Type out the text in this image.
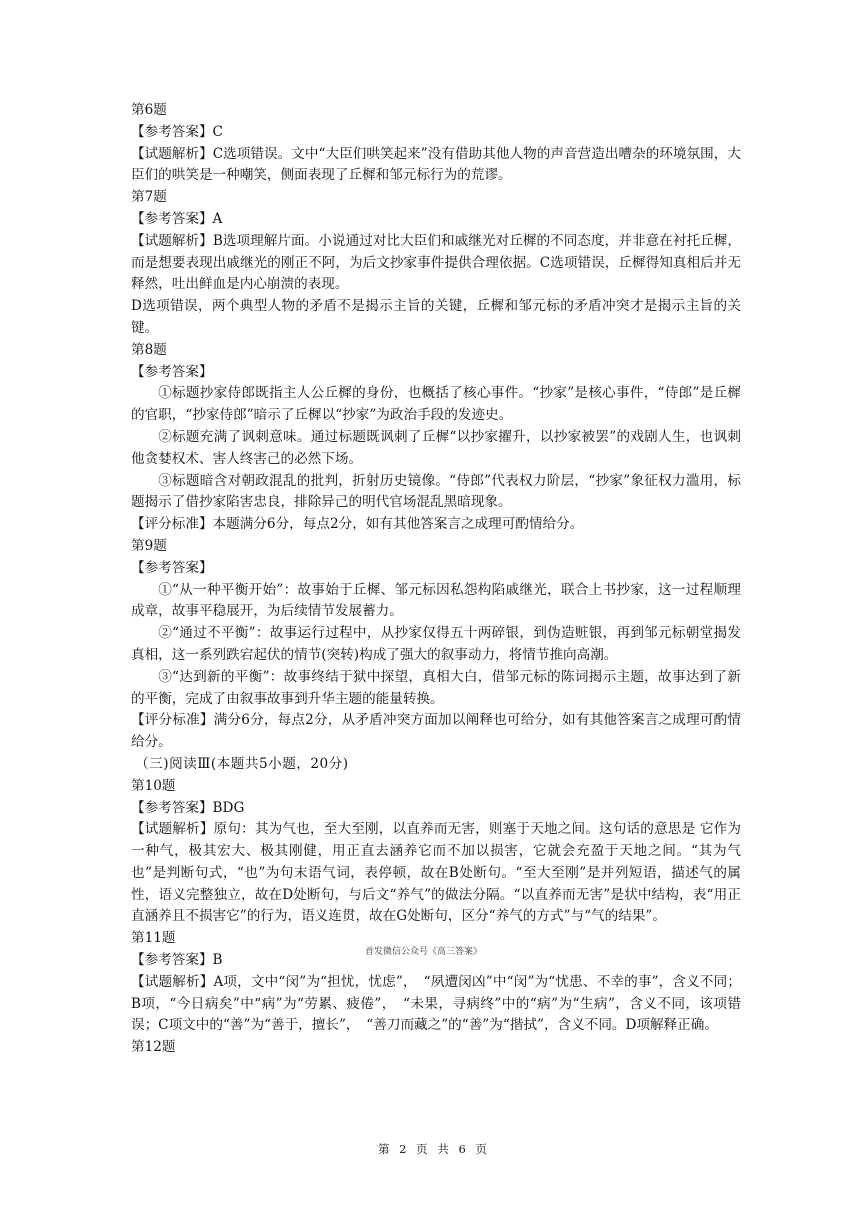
第6题

【参考答案】C

【试题解析】C选项错误。文中“大臣们哄笑起来”没有借助其他人物的声音营造出嘈杂的环境氛围，大臣们的哄笑是一种嘲笑，侧面表现了丘樨和邹元标行为的荒谬。

第7题

【参考答案】A

【试题解析】B选项理解片面。小说通过对比大臣们和戚继光对丘樨的不同态度，并非意在衬托丘樨，而是想要表现出戚继光的刚正不阿，为后文抄家事件提供合理依据。C选项错误，丘樨得知真相后并无释然，吐出鲜血是内心崩溃的表现。

D选项错误，两个典型人物的矛盾不是揭示主旨的关键，丘樨和邹元标的矛盾冲突才是揭示主旨的关键。

第8题

【参考答案】

①标题抄家侍郎既指主人公丘樨的身份，也概括了核心事件。“抄家”是核心事件，“侍郎”是丘樨的官职，“抄家侍郎”暗示了丘樨以“抄家”为政治手段的发迹史。

②标题充满了讽刺意味。通过标题既讽刺了丘樨“以抄家擢升，以抄家被罢”的戏剧人生，也讽刺他贪婪权术、害人终害己的必然下场。

③标题暗含对朝政混乱的批判，折射历史镜像。“侍郎”代表权力阶层，“抄家”象征权力滥用，标题揭示了借抄家陷害忠良，排除异己的明代官场混乱黑暗现象。

【评分标准】本题满分6分，每点2分，如有其他答案言之成理可酌情给分。

第9题

【参考答案】

①“从一种平衡开始”：故事始于丘樨、邹元标因私怨构陷戚继光，联合上书抄家，这一过程顺理成章，故事平稳展开，为后续情节发展蓄力。

②“通过不平衡”：故事运行过程中，从抄家仅得五十两碎银，到伪造赃银，再到邹元标朝堂揭发真相，这一系列跌宕起伏的情节(突转)构成了强大的叙事动力，将情节推向高潮。

③“达到新的平衡”：故事终结于狱中探望，真相大白，借邹元标的陈词揭示主题，故事达到了新的平衡，完成了由叙事故事到升华主题的能量转换。

【评分标准】满分6分，每点2分，从矛盾冲突方面加以阐释也可给分，如有其他答案言之成理可酌情给分。

（三)阅读Ⅲ(本题共5小题，20分)

第10题

【参考答案】BDG

【试题解析】原句：其为气也，至大至刚，以直养而无害，则塞于天地之间。这句话的意思是 它作为一种气，极其宏大、极其刚健，用正直去涵养它而不加以损害，它就会充盈于天地之间。“其为气也”是判断句式，“也”为句末语气词，表停顿，故在B处断句。“至大至刚”是并列短语，描述气的属性，语义完整独立，故在D处断句，与后文“养气”的做法分隔。“以直养而无害”是状中结构，表“用正直涵养且不损害它”的行为，语义连贯，故在G处断句，区分“养气的方式”与“气的结果”。

第11题

【参考答案】B

【试题解析】A项，文中“闵”为“担忧，忧虑”，　“夙遭闵凶”中“闵”为“忧患、不幸的事”，含义不同；B项，“今日病矣”中“病”为“劳累、疲倦”，　“未果，寻病终”中的“病”为“生病”，含义不同，该项错误；C项文中的“善”为“善于，擅长”，　“善刀而藏之”的“善”为“揩拭”，含义不同。D项解释正确。

第12题

首发微信公众号《高三答案》
第 2 页 共 6 页
